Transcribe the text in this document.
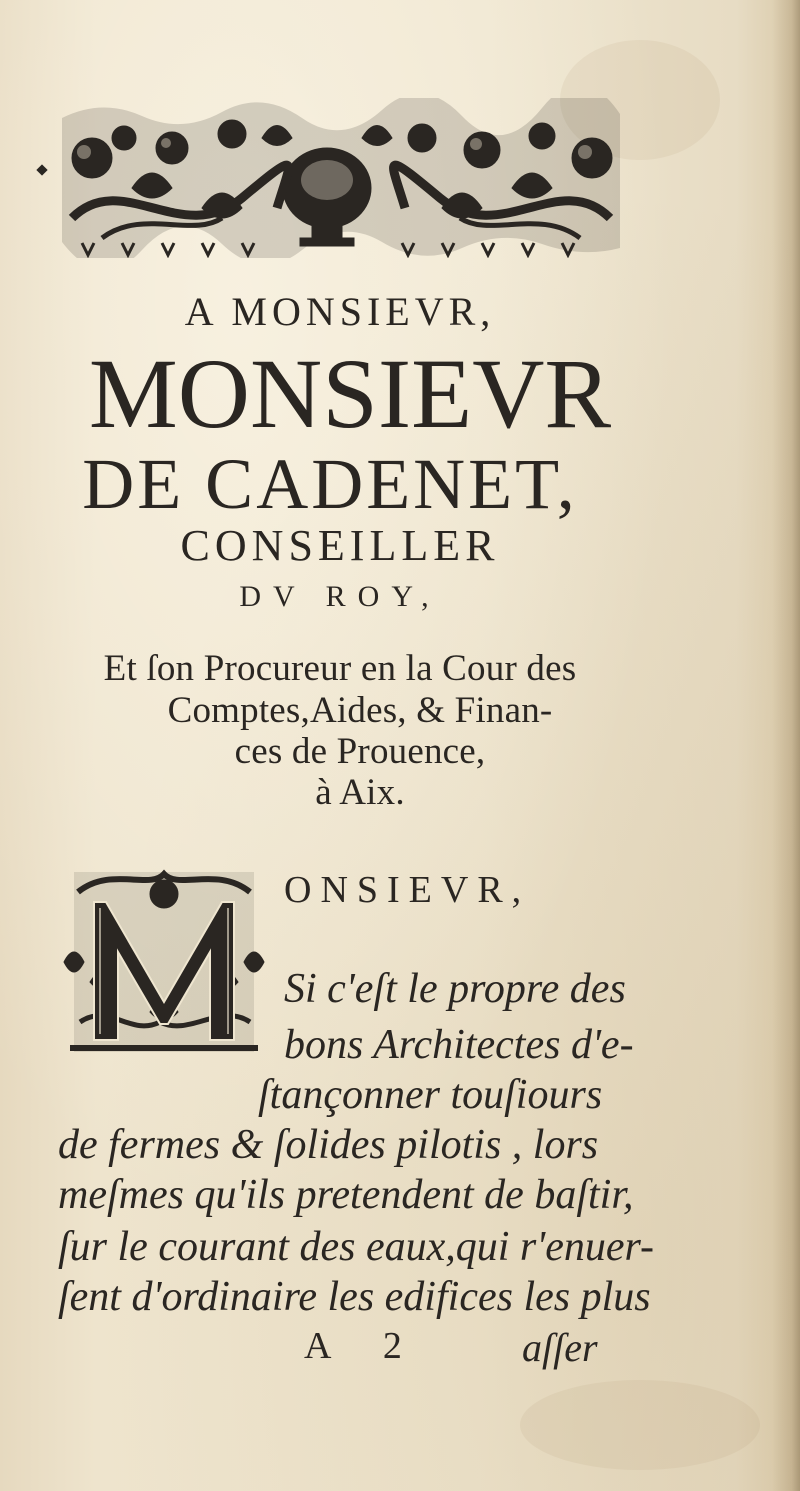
A MONSIEVR,
MONSIEVR
DE CADENET,
CONSEILLER
DV ROY,
Et ſon Procureur en la Cour des
Comptes,Aides, & Finan-
ces de Prouence,
à Aix.
ONSIEVR,
Si c'eſt le propre des
bons Architectes d'e-
ſtançonner touſiours
de fermes & ſolides pilotis , lors
meſmes qu'ils pretendent de baſtir,
ſur le courant des eaux,qui r'enuer-
ſent d'ordinaire les edifices les plus
A 2 aſſer
